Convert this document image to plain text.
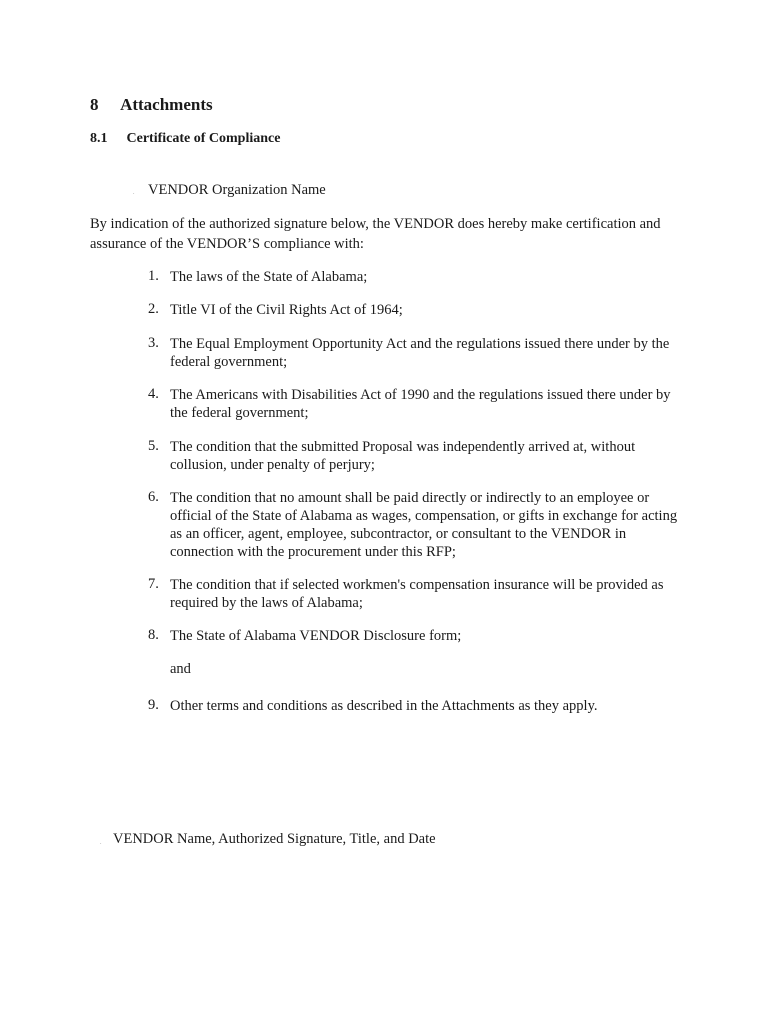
8 Attachments
8.1 Certificate of Compliance
. VENDOR Organization Name
By indication of the authorized signature below, the VENDOR does hereby make certification and assurance of the VENDOR’S compliance with:
1. The laws of the State of Alabama;
2. Title VI of the Civil Rights Act of 1964;
3. The Equal Employment Opportunity Act and the regulations issued there under by the federal government;
4. The Americans with Disabilities Act of 1990 and the regulations issued there under by the federal government;
5. The condition that the submitted Proposal was independently arrived at, without collusion, under penalty of perjury;
6. The condition that no amount shall be paid directly or indirectly to an employee or official of the State of Alabama as wages, compensation, or gifts in exchange for acting as an officer, agent, employee, subcontractor, or consultant to the VENDOR in connection with the procurement under this RFP;
7. The condition that if selected workmen's compensation insurance will be provided as required by the laws of Alabama;
8. The State of Alabama VENDOR Disclosure form;
and
9. Other terms and conditions as described in the Attachments as they apply.
. VENDOR Name, Authorized Signature, Title, and Date
